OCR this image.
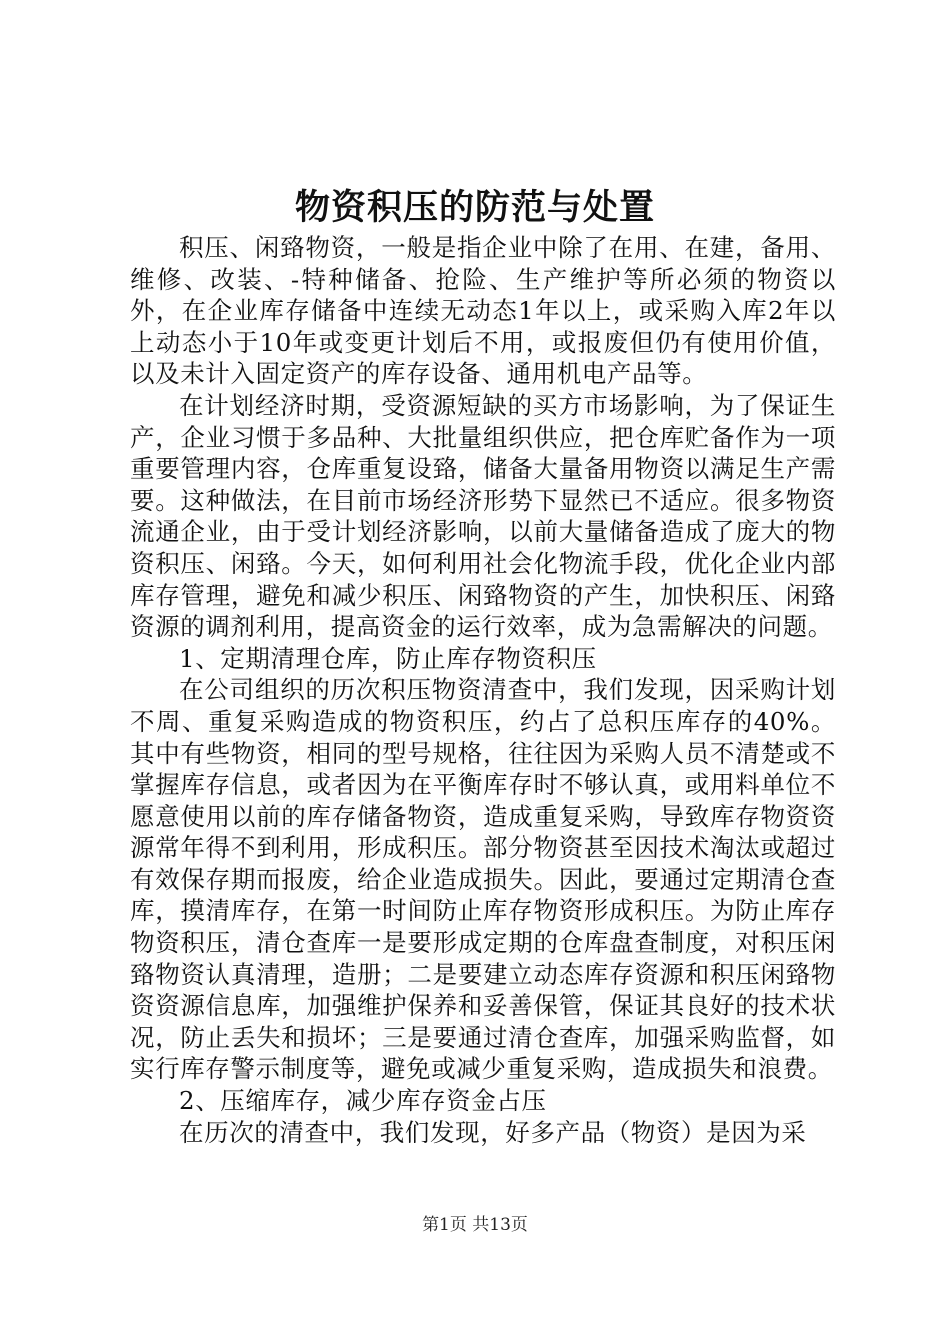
物资积压的防范与处置

积压、闲臵物资，一般是指企业中除了在用、在建，备用、维修、改装、-特种储备、抢险、生产维护等所必须的物资以外，在企业库存储备中连续无动态1年以上，或采购入库2年以上动态小于10年或变更计划后不用，或报废但仍有使用价值，以及未计入固定资产的库存设备、通用机电产品等。

在计划经济时期，受资源短缺的买方市场影响，为了保证生产，企业习惯于多品种、大批量组织供应，把仓库贮备作为一项重要管理内容，仓库重复设臵，储备大量备用物资以满足生产需要。这种做法，在目前市场经济形势下显然已不适应。很多物资流通企业，由于受计划经济影响，以前大量储备造成了庞大的物资积压、闲臵。今天，如何利用社会化物流手段，优化企业内部库存管理，避免和减少积压、闲臵物资的产生，加快积压、闲臵资源的调剂利用，提高资金的运行效率，成为急需解决的问题。

1、定期清理仓库，防止库存物资积压

在公司组织的历次积压物资清查中，我们发现，因采购计划不周、重复采购造成的物资积压，约占了总积压库存的40%。其中有些物资，相同的型号规格，往往因为采购人员不清楚或不掌握库存信息，或者因为在平衡库存时不够认真，或用料单位不愿意使用以前的库存储备物资，造成重复采购，导致库存物资资源常年得不到利用，形成积压。部分物资甚至因技术淘汰或超过有效保存期而报废，给企业造成损失。因此，要通过定期清仓查库，摸清库存，在第一时间防止库存物资形成积压。为防止库存物资积压，清仓查库一是要形成定期的仓库盘查制度，对积压闲臵物资认真清理，造册；二是要建立动态库存资源和积压闲臵物资资源信息库，加强维护保养和妥善保管，保证其良好的技术状况，防止丢失和损坏；三是要通过清仓查库，加强采购监督，如实行库存警示制度等，避免或减少重复采购，造成损失和浪费。

2、压缩库存，减少库存资金占压

在历次的清查中，我们发现，好多产品（物资）是因为采

第1页 共13页
